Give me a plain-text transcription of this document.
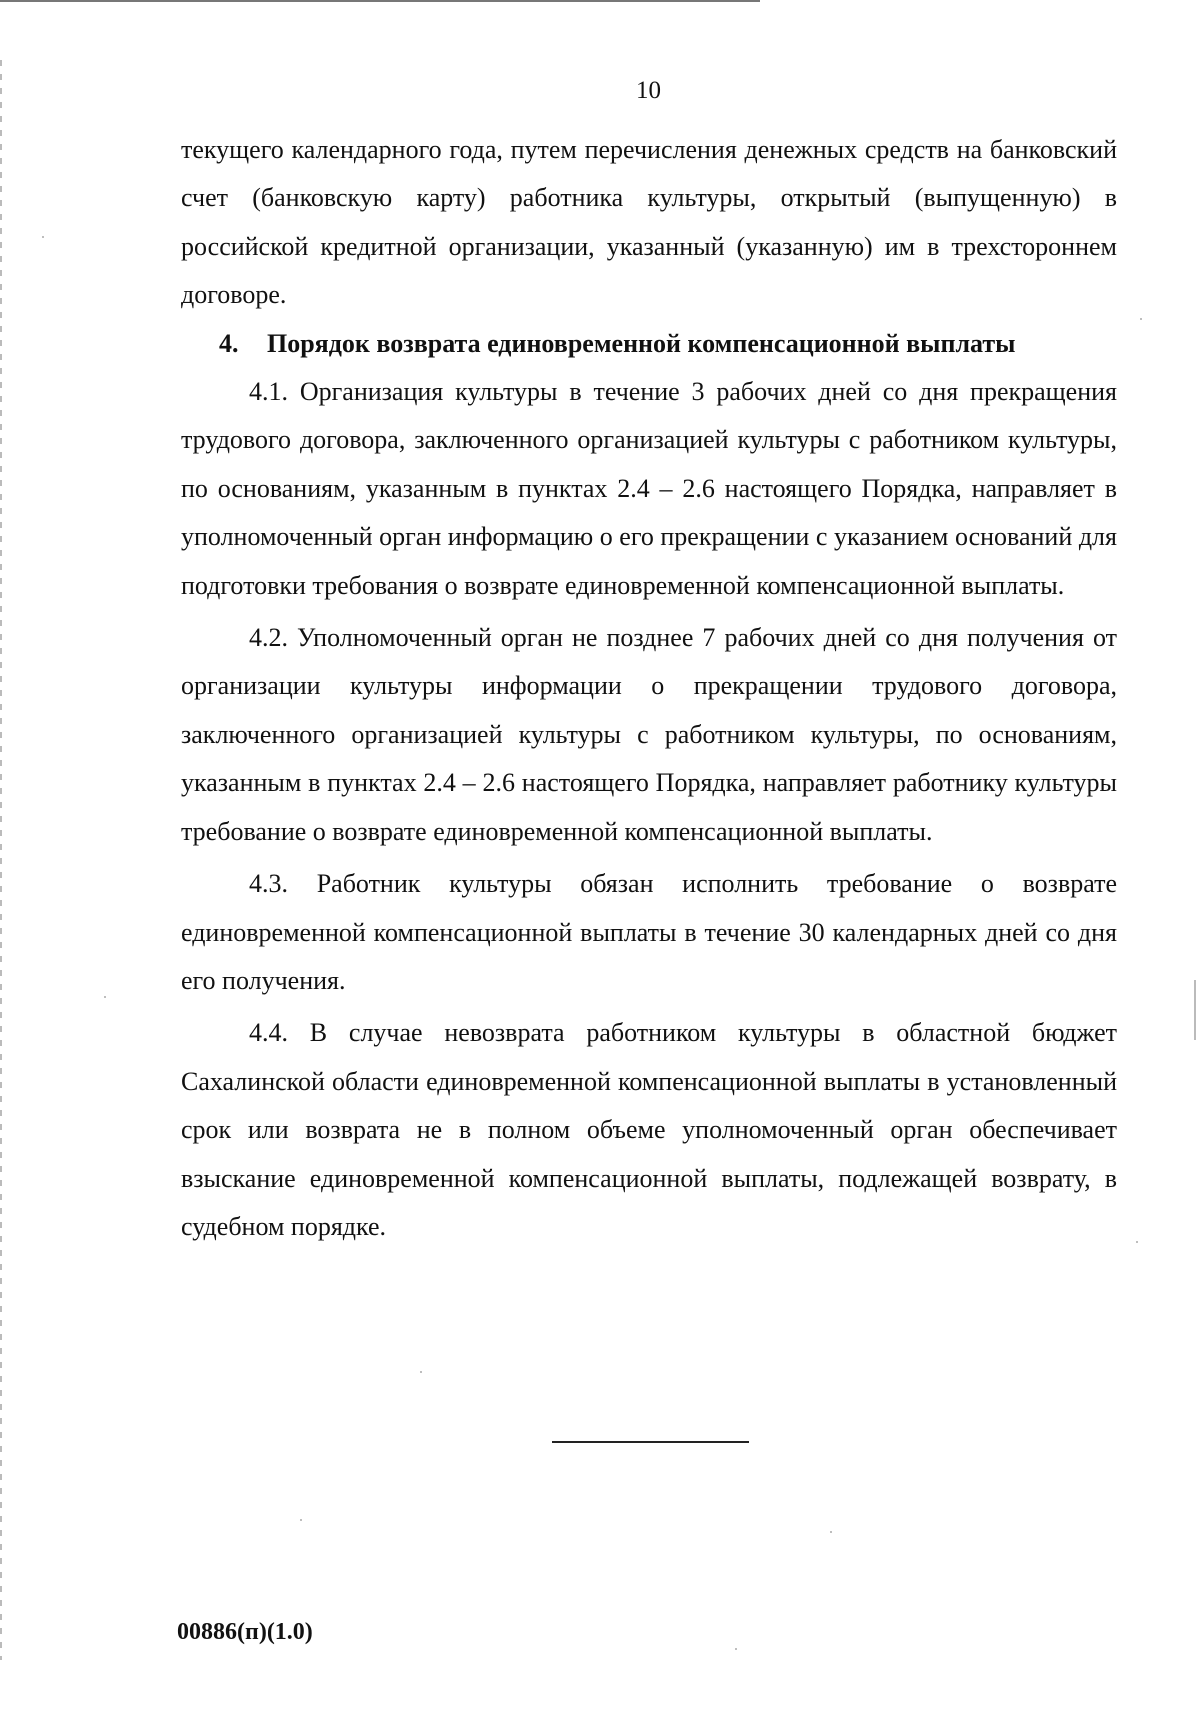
10

текущего календарного года, путем перечисления денежных средств на банковский счет (банковскую карту) работника культуры, открытый (выпущенную) в российской кредитной организации, указанный (указанную) им в трехстороннем договоре.

4. Порядок возврата единовременной компенсационной выплаты

4.1. Организация культуры в течение 3 рабочих дней со дня прекращения трудового договора, заключенного организацией культуры с работником культуры, по основаниям, указанным в пунктах 2.4 – 2.6 настоящего Порядка, направляет в уполномоченный орган информацию о его прекращении с указанием оснований для подготовки требования о возврате единовременной компенсационной выплаты.

4.2. Уполномоченный орган не позднее 7 рабочих дней со дня получения от организации культуры информации о прекращении трудового договора, заключенного организацией культуры с работником культуры, по основаниям, указанным в пунктах 2.4 – 2.6 настоящего Порядка, направляет работнику культуры требование о возврате единовременной компенсационной выплаты.

4.3. Работник культуры обязан исполнить требование о возврате единовременной компенсационной выплаты в течение 30 календарных дней со дня его получения.

4.4. В случае невозврата работником культуры в областной бюджет Сахалинской области единовременной компенсационной выплаты в установленный срок или возврата не в полном объеме уполномоченный орган обеспечивает взыскание единовременной компенсационной выплаты, подлежащей возврату, в судебном порядке.

00886(п)(1.0)
